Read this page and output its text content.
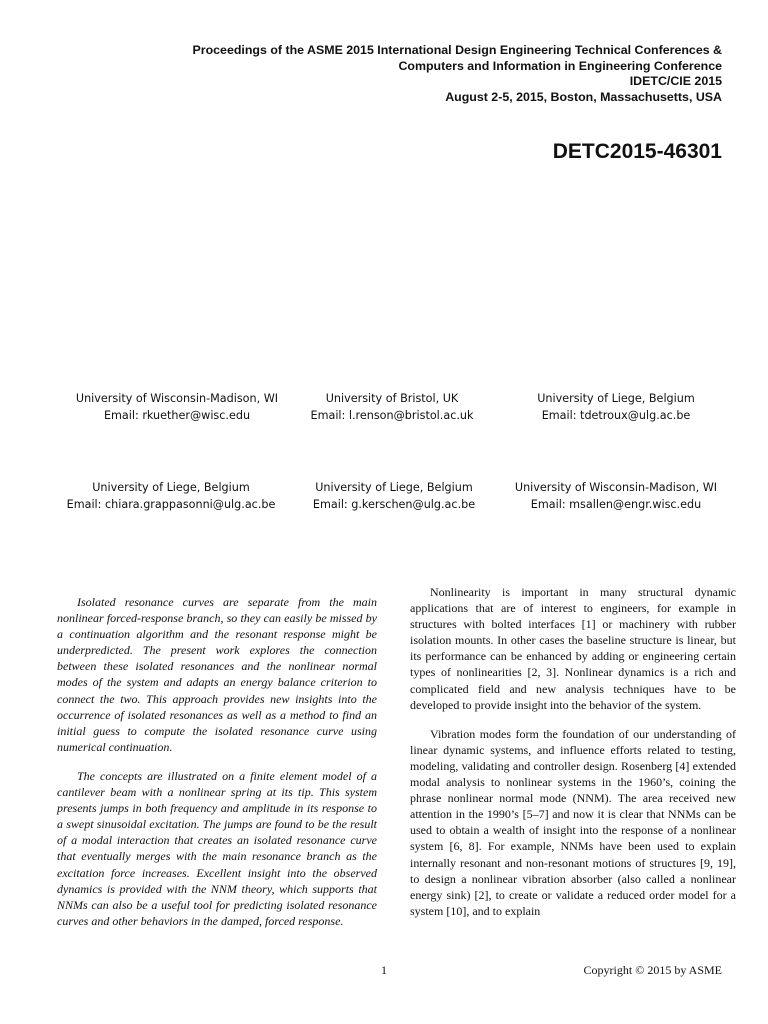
Proceedings of the ASME 2015 International Design Engineering Technical Conferences &
Computers and Information in Engineering Conference
IDETC/CIE 2015
August 2-5, 2015, Boston, Massachusetts, USA
DETC2015-46301
University of Wisconsin-Madison, WI
Email: rkuether@wisc.edu
University of Bristol, UK
Email: l.renson@bristol.ac.uk
University of Liege, Belgium
Email: tdetroux@ulg.ac.be
University of Liege, Belgium
Email: chiara.grappasonni@ulg.ac.be
University of Liege, Belgium
Email: g.kerschen@ulg.ac.be
University of Wisconsin-Madison, WI
Email: msallen@engr.wisc.edu

Isolated resonance curves are separate from the main nonlinear forced-response branch, so they can easily be missed by a continuation algorithm and the resonant response might be underpredicted. The present work explores the connection between these isolated resonances and the nonlinear normal modes of the system and adapts an energy balance criterion to connect the two. This approach provides new insights into the occurrence of isolated resonances as well as a method to find an initial guess to compute the isolated resonance curve using numerical continuation.

The concepts are illustrated on a finite element model of a cantilever beam with a nonlinear spring at its tip. This system presents jumps in both frequency and amplitude in its response to a swept sinusoidal excitation. The jumps are found to be the result of a modal interaction that creates an isolated resonance curve that eventually merges with the main resonance branch as the excitation force increases. Excellent insight into the observed dynamics is provided with the NNM theory, which supports that NNMs can also be a useful tool for predicting isolated resonance curves and other behaviors in the damped, forced response.

Nonlinearity is important in many structural dynamic applications that are of interest to engineers, for example in structures with bolted interfaces [1] or machinery with rubber isolation mounts. In other cases the baseline structure is linear, but its performance can be enhanced by adding or engineering certain types of nonlinearities [2, 3]. Nonlinear dynamics is a rich and complicated field and new analysis techniques have to be developed to provide insight into the behavior of the system.

Vibration modes form the foundation of our understanding of linear dynamic systems, and influence efforts related to testing, modeling, validating and controller design. Rosenberg [4] extended modal analysis to nonlinear systems in the 1960’s, coining the phrase nonlinear normal mode (NNM). The area received new attention in the 1990’s [5–7] and now it is clear that NNMs can be used to obtain a wealth of insight into the response of a nonlinear system [6, 8]. For example, NNMs have been used to explain internally resonant and non-resonant motions of structures [9, 19], to design a nonlinear vibration absorber (also called a nonlinear energy sink) [2], to create or validate a reduced order model for a system [10], and to explain

1	Copyright © 2015 by ASME
